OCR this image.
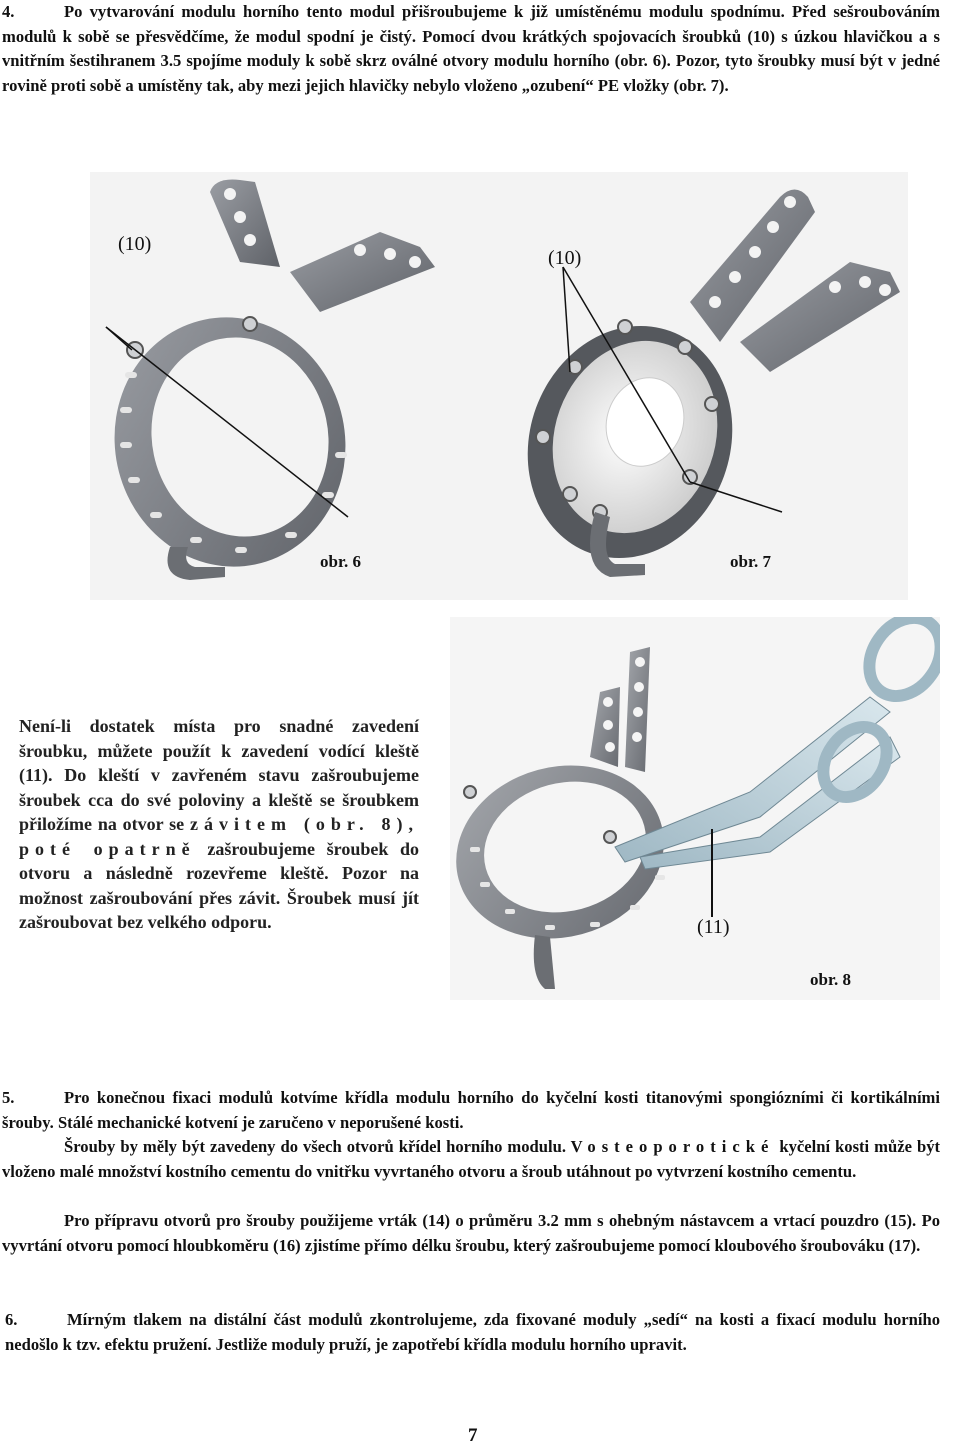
4.	Po vytvarování modulu horního tento modul přišroubujeme k již umístěnému modulu spodnímu. Před sešroubováním modulů k sobě se přesvědčíme, že modul spodní je čistý. Pomocí dvou krátkých spojovacích šroubků (10) s úzkou hlavičkou a s vnitřním šestihranem 3.5 spojíme moduly k sobě skrz oválné otvory modulu horního (obr. 6). Pozor, tyto šroubky musí být v jedné rovině proti sobě a umístěny tak, aby mezi jejich hlavičky nebylo vloženo „ozubení“ PE vložky (obr. 7).
(10)
(10)
obr. 6	obr. 7
(11)
obr. 8
Není-li dostatek místa pro snadné zavedení šroubku, můžete použít k zavedení vodící kleště (11). Do kleští v zavřeném stavu zašroubujeme šroubek cca do své poloviny a kleště se šroubkem přiložíme na otvor se závitem (obr. 8), poté opatrně zašroubujeme šroubek do otvoru a následně rozevřeme kleště. Pozor na možnost zašroubování přes závit. Šroubek musí jít zašroubovat bez velkého odporu.
5.	Pro konečnou fixaci modulů kotvíme křídla modulu horního do kyčelní kosti titanovými spongiózními či kortikálními šrouby. Stálé mechanické kotvení je zaručeno v neporušené kosti.
Šrouby by měly být zavedeny do všech otvorů křídel horního modulu. V osteoporotické kyčelní kosti může být vloženo malé množství kostního cementu do vnitřku vyvrtaného otvoru a šroub utáhnout po vytvrzení kostního cementu.
Pro přípravu otvorů pro šrouby použijeme vrták (14) o průměru 3.2 mm s ohebným nástavcem a vrtací pouzdro (15). Po vyvrtání otvoru pomocí hloubkoměru (16) zjistíme přímo délku šroubu, který zašroubujeme pomocí kloubového šroubováku (17).
6.	Mírným tlakem na distální část modulů zkontrolujeme, zda fixované moduly „sedí“ na kosti a fixací modulu horního nedošlo k tzv. efektu pružení. Jestliže moduly pruží, je zapotřebí křídla modulu horního upravit.
7
